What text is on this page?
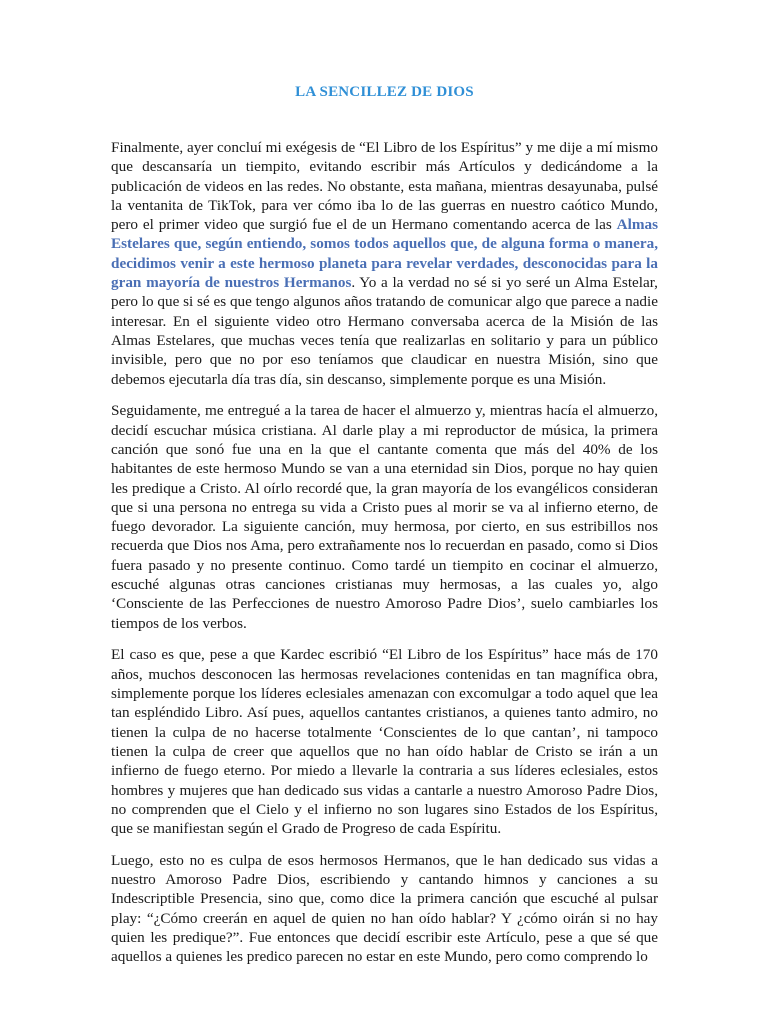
LA SENCILLEZ DE DIOS

Finalmente, ayer concluí mi exégesis de “El Libro de los Espíritus” y me dije a mí mismo que descansaría un tiempito, evitando escribir más Artículos y dedicándome a la publicación de videos en las redes. No obstante, esta mañana, mientras desayunaba, pulsé la ventanita de TikTok, para ver cómo iba lo de las guerras en nuestro caótico Mundo, pero el primer video que surgió fue el de un Hermano comentando acerca de las Almas Estelares que, según entiendo, somos todos aquellos que, de alguna forma o manera, decidimos venir a este hermoso planeta para revelar verdades, desconocidas para la gran mayoría de nuestros Hermanos. Yo a la verdad no sé si yo seré un Alma Estelar, pero lo que si sé es que tengo algunos años tratando de comunicar algo que parece a nadie interesar. En el siguiente video otro Hermano conversaba acerca de la Misión de las Almas Estelares, que muchas veces tenía que realizarlas en solitario y para un público invisible, pero que no por eso teníamos que claudicar en nuestra Misión, sino que debemos ejecutarla día tras día, sin descanso, simplemente porque es una Misión.

Seguidamente, me entregué a la tarea de hacer el almuerzo y, mientras hacía el almuerzo, decidí escuchar música cristiana. Al darle play a mi reproductor de música, la primera canción que sonó fue una en la que el cantante comenta que más del 40% de los habitantes de este hermoso Mundo se van a una eternidad sin Dios, porque no hay quien les predique a Cristo. Al oírlo recordé que, la gran mayoría de los evangélicos consideran que si una persona no entrega su vida a Cristo pues al morir se va al infierno eterno, de fuego devorador. La siguiente canción, muy hermosa, por cierto, en sus estribillos nos recuerda que Dios nos Ama, pero extrañamente nos lo recuerdan en pasado, como si Dios fuera pasado y no presente continuo. Como tardé un tiempito en cocinar el almuerzo, escuché algunas otras canciones cristianas muy hermosas, a las cuales yo, algo ‘Consciente de las Perfecciones de nuestro Amoroso Padre Dios’, suelo cambiarles los tiempos de los verbos.

El caso es que, pese a que Kardec escribió “El Libro de los Espíritus” hace más de 170 años, muchos desconocen las hermosas revelaciones contenidas en tan magnífica obra, simplemente porque los líderes eclesiales amenazan con excomulgar a todo aquel que lea tan espléndido Libro. Así pues, aquellos cantantes cristianos, a quienes tanto admiro, no tienen la culpa de no hacerse totalmente ‘Conscientes de lo que cantan’, ni tampoco tienen la culpa de creer que aquellos que no han oído hablar de Cristo se irán a un infierno de fuego eterno. Por miedo a llevarle la contraria a sus líderes eclesiales, estos hombres y mujeres que han dedicado sus vidas a cantarle a nuestro Amoroso Padre Dios, no comprenden que el Cielo y el infierno no son lugares sino Estados de los Espíritus, que se manifiestan según el Grado de Progreso de cada Espíritu.

Luego, esto no es culpa de esos hermosos Hermanos, que le han dedicado sus vidas a nuestro Amoroso Padre Dios, escribiendo y cantando himnos y canciones a su Indescriptible Presencia, sino que, como dice la primera canción que escuché al pulsar play: “¿Cómo creerán en aquel de quien no han oído hablar? Y ¿cómo oirán si no hay quien les predique?”. Fue entonces que decidí escribir este Artículo, pese a que sé que aquellos a quienes les predico parecen no estar en este Mundo, pero como comprendo lo
